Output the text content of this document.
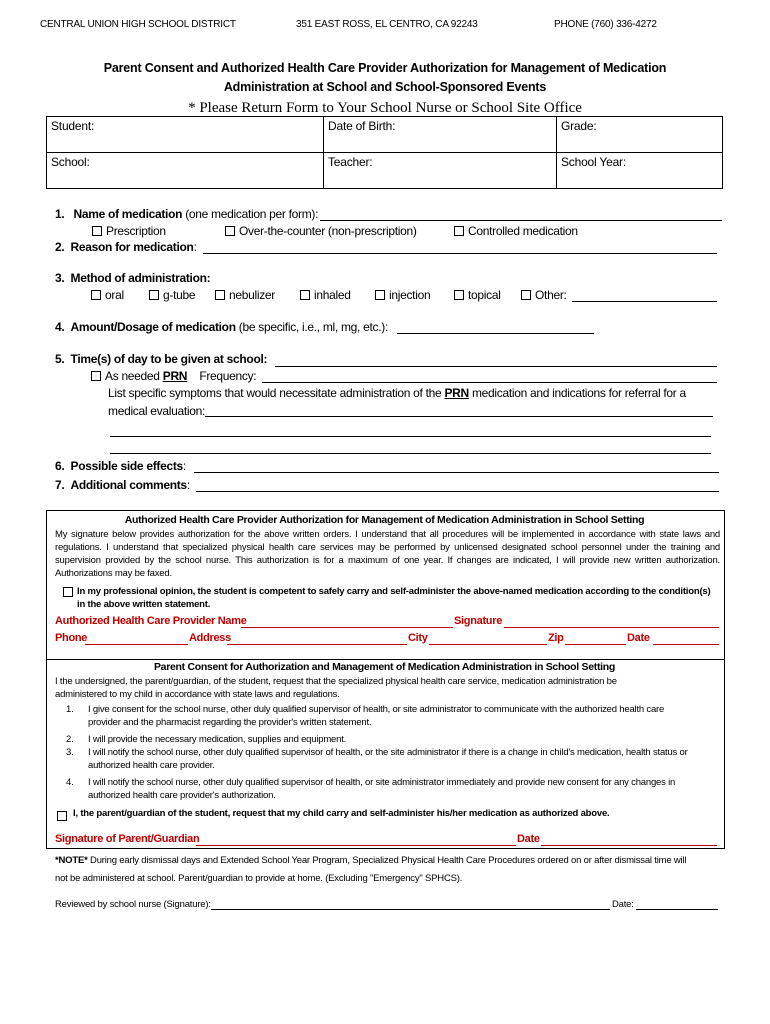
CENTRAL UNION HIGH SCHOOL DISTRICT	351 EAST ROSS, EL CENTRO, CA 92243	PHONE (760) 336-4272
Parent Consent and Authorized Health Care Provider Authorization for Management of Medication
Administration at School and School-Sponsored Events
* Please Return Form to Your School Nurse or School Site Office
Student:	Date of Birth:	Grade:
School:	Teacher:	School Year:
1. Name of medication (one medication per form):
Prescription	Over-the-counter (non-prescription)	Controlled medication
2. Reason for medication:
3. Method of administration:
oral	g-tube	nebulizer	inhaled	injection	topical	Other:
4. Amount/Dosage of medication (be specific, i.e., ml, mg, etc.):
5. Time(s) of day to be given at school:
As needed PRN Frequency:
List specific symptoms that would necessitate administration of the PRN medication and indications for referral for a
medical evaluation:
6. Possible side effects:
7. Additional comments:
Authorized Health Care Provider Authorization for Management of Medication Administration in School Setting
My signature below provides authorization for the above written orders. I understand that all procedures will be implemented in accordance with state laws and regulations. I understand that specialized physical health care services may be performed by unlicensed designated school personnel under the training and supervision provided by the school nurse. This authorization is for a maximum of one year. If changes are indicated, I will provide new written authorization. Authorizations may be faxed.
In my professional opinion, the student is competent to safely carry and self-administer the above-named medication according to the condition(s)
in the above written statement.
Authorized Health Care Provider Name	Signature
Phone	Address	City	Zip	Date
Parent Consent for Authorization and Management of Medication Administration in School Setting
I the undersigned, the parent/guardian, of the student, request that the specialized physical health care service, medication administration be administered to my child in accordance with state laws and regulations.
1. I give consent for the school nurse, other duly qualified supervisor of health, or site administrator to communicate with the authorized health care provider and the pharmacist regarding the provider's written statement.
2. I will provide the necessary medication, supplies and equipment.
3. I will notify the school nurse, other duly qualified supervisor of health, or the site administrator if there is a change in child's medication, health status or authorized health care provider.
4. I will notify the school nurse, other duly qualified supervisor of health, or site administrator immediately and provide new consent for any changes in authorized health care provider's authorization.
I, the parent/guardian of the student, request that my child carry and self-administer his/her medication as authorized above.
Signature of Parent/Guardian	Date
*NOTE* During early dismissal days and Extended School Year Program, Specialized Physical Health Care Procedures ordered on or after dismissal time will
not be administered at school. Parent/guardian to provide at home. (Excluding "Emergency" SPHCS).
Reviewed by school nurse (Signature):	Date:
